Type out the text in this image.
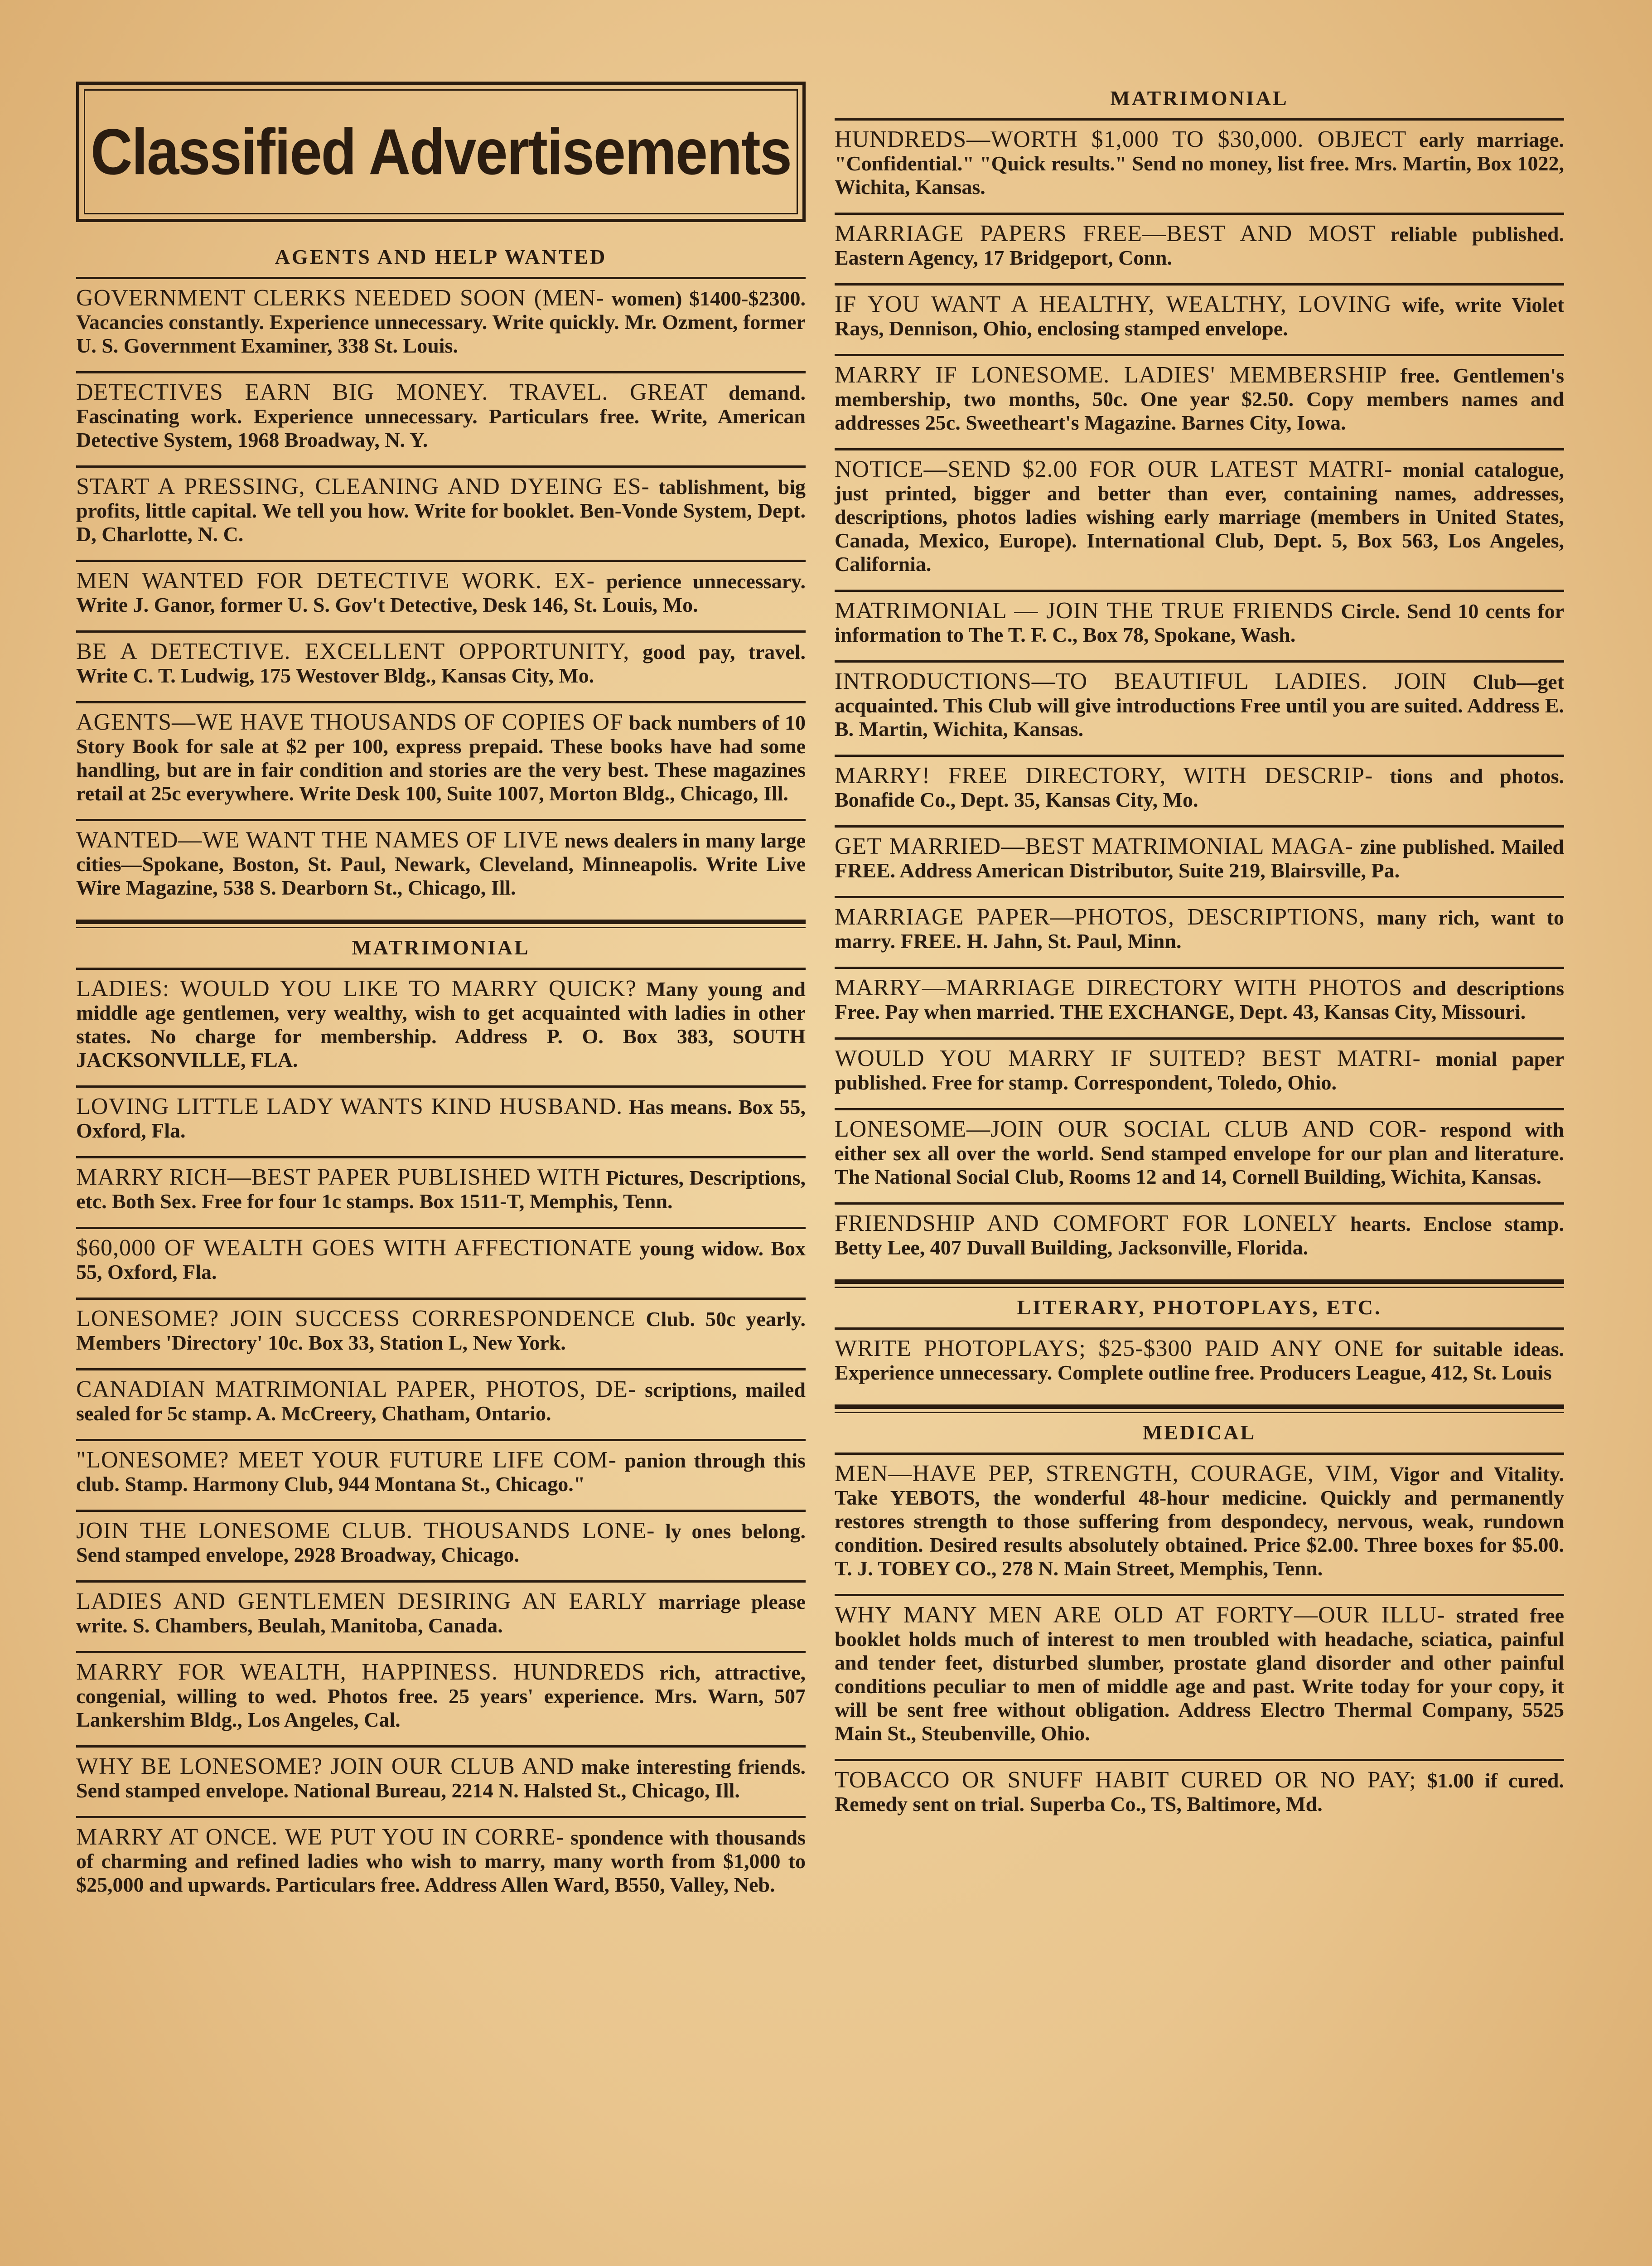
Classified Advertisements
AGENTS AND HELP WANTED
GOVERNMENT CLERKS NEEDED SOON (MEN- women) $1400-$2300. Vacancies constantly. Experience unnecessary. Write quickly. Mr. Ozment, former U. S. Government Examiner, 338 St. Louis.
DETECTIVES EARN BIG MONEY. TRAVEL. GREAT demand. Fascinating work. Experience unnecessary. Particulars free. Write, American Detective System, 1968 Broadway, N. Y.
START A PRESSING, CLEANING AND DYEING ES- tablishment, big profits, little capital. We tell you how. Write for booklet. Ben-Vonde System, Dept. D, Charlotte, N. C.
MEN WANTED FOR DETECTIVE WORK. EX- perience unnecessary. Write J. Ganor, former U. S. Gov't Detective, Desk 146, St. Louis, Mo.
BE A DETECTIVE. EXCELLENT OPPORTUNITY, good pay, travel. Write C. T. Ludwig, 175 Westover Bldg., Kansas City, Mo.
AGENTS—WE HAVE THOUSANDS OF COPIES OF back numbers of 10 Story Book for sale at $2 per 100, express prepaid. These books have had some handling, but are in fair condition and stories are the very best. These magazines retail at 25c everywhere. Write Desk 100, Suite 1007, Morton Bldg., Chicago, Ill.
WANTED—WE WANT THE NAMES OF LIVE news dealers in many large cities—Spokane, Boston, St. Paul, Newark, Cleveland, Minneapolis. Write Live Wire Magazine, 538 S. Dearborn St., Chicago, Ill.
MATRIMONIAL
LADIES: WOULD YOU LIKE TO MARRY QUICK? Many young and middle age gentlemen, very wealthy, wish to get acquainted with ladies in other states. No charge for membership. Address P. O. Box 383, SOUTH JACKSONVILLE, FLA.
LOVING LITTLE LADY WANTS KIND HUSBAND. Has means. Box 55, Oxford, Fla.
MARRY RICH—BEST PAPER PUBLISHED WITH Pictures, Descriptions, etc. Both Sex. Free for four 1c stamps. Box 1511-T, Memphis, Tenn.
$60,000 OF WEALTH GOES WITH AFFECTIONATE young widow. Box 55, Oxford, Fla.
LONESOME? JOIN SUCCESS CORRESPONDENCE Club. 50c yearly. Members 'Directory' 10c. Box 33, Station L, New York.
CANADIAN MATRIMONIAL PAPER, PHOTOS, DE- scriptions, mailed sealed for 5c stamp. A. McCreery, Chatham, Ontario.
"LONESOME? MEET YOUR FUTURE LIFE COM- panion through this club. Stamp. Harmony Club, 944 Montana St., Chicago."
JOIN THE LONESOME CLUB. THOUSANDS LONE- ly ones belong. Send stamped envelope, 2928 Broadway, Chicago.
LADIES AND GENTLEMEN DESIRING AN EARLY marriage please write. S. Chambers, Beulah, Manitoba, Canada.
MARRY FOR WEALTH, HAPPINESS. HUNDREDS rich, attractive, congenial, willing to wed. Photos free. 25 years' experience. Mrs. Warn, 507 Lankershim Bldg., Los Angeles, Cal.
WHY BE LONESOME? JOIN OUR CLUB AND make interesting friends. Send stamped envelope. National Bureau, 2214 N. Halsted St., Chicago, Ill.
MARRY AT ONCE. WE PUT YOU IN CORRE- spondence with thousands of charming and refined ladies who wish to marry, many worth from $1,000 to $25,000 and upwards. Particulars free. Address Allen Ward, B550, Valley, Neb.
MATRIMONIAL
HUNDREDS—WORTH $1,000 TO $30,000. OBJECT early marriage. "Confidential." "Quick results." Send no money, list free. Mrs. Martin, Box 1022, Wichita, Kansas.
MARRIAGE PAPERS FREE—BEST AND MOST reliable published. Eastern Agency, 17 Bridgeport, Conn.
IF YOU WANT A HEALTHY, WEALTHY, LOVING wife, write Violet Rays, Dennison, Ohio, enclosing stamped envelope.
MARRY IF LONESOME. LADIES' MEMBERSHIP free. Gentlemen's membership, two months, 50c. One year $2.50. Copy members names and addresses 25c. Sweetheart's Magazine. Barnes City, Iowa.
NOTICE—SEND $2.00 FOR OUR LATEST MATRI- monial catalogue, just printed, bigger and better than ever, containing names, addresses, descriptions, photos ladies wishing early marriage (members in United States, Canada, Mexico, Europe). International Club, Dept. 5, Box 563, Los Angeles, California.
MATRIMONIAL — JOIN THE TRUE FRIENDS Circle. Send 10 cents for information to The T. F. C., Box 78, Spokane, Wash.
INTRODUCTIONS—TO BEAUTIFUL LADIES. JOIN Club—get acquainted. This Club will give introductions Free until you are suited. Address E. B. Martin, Wichita, Kansas.
MARRY! FREE DIRECTORY, WITH DESCRIP- tions and photos. Bonafide Co., Dept. 35, Kansas City, Mo.
GET MARRIED—BEST MATRIMONIAL MAGA- zine published. Mailed FREE. Address American Distributor, Suite 219, Blairsville, Pa.
MARRIAGE PAPER—PHOTOS, DESCRIPTIONS, many rich, want to marry. FREE. H. Jahn, St. Paul, Minn.
MARRY—MARRIAGE DIRECTORY WITH PHOTOS and descriptions Free. Pay when married. THE EXCHANGE, Dept. 43, Kansas City, Missouri.
WOULD YOU MARRY IF SUITED? BEST MATRI- monial paper published. Free for stamp. Correspondent, Toledo, Ohio.
LONESOME—JOIN OUR SOCIAL CLUB AND COR- respond with either sex all over the world. Send stamped envelope for our plan and literature. The National Social Club, Rooms 12 and 14, Cornell Building, Wichita, Kansas.
FRIENDSHIP AND COMFORT FOR LONELY hearts. Enclose stamp. Betty Lee, 407 Duvall Building, Jacksonville, Florida.
LITERARY, PHOTOPLAYS, ETC.
WRITE PHOTOPLAYS; $25-$300 PAID ANY ONE for suitable ideas. Experience unnecessary. Complete outline free. Producers League, 412, St. Louis
MEDICAL
MEN—HAVE PEP, STRENGTH, COURAGE, VIM, Vigor and Vitality. Take YEBOTS, the wonderful 48-hour medicine. Quickly and permanently restores strength to those suffering from despondecy, nervous, weak, rundown condition. Desired results absolutely obtained. Price $2.00. Three boxes for $5.00. T. J. TOBEY CO., 278 N. Main Street, Memphis, Tenn.
WHY MANY MEN ARE OLD AT FORTY—OUR ILLU- strated free booklet holds much of interest to men troubled with headache, sciatica, painful and tender feet, disturbed slumber, prostate gland disorder and other painful conditions peculiar to men of middle age and past. Write today for your copy, it will be sent free without obligation. Address Electro Thermal Company, 5525 Main St., Steubenville, Ohio.
TOBACCO OR SNUFF HABIT CURED OR NO PAY; $1.00 if cured. Remedy sent on trial. Superba Co., TS, Baltimore, Md.
